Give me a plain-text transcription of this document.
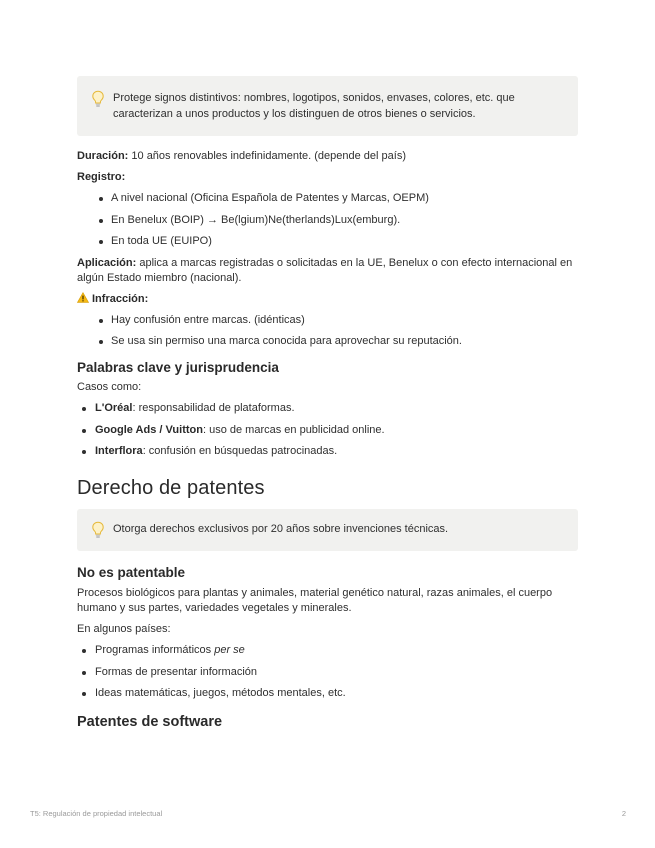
Protege signos distintivos: nombres, logotipos, sonidos, envases, colores, etc. que caracterizan a unos productos y los distinguen de otros bienes o servicios.

Duración: 10 años renovables indefinidamente. (depende del país)

Registro:

A nivel nacional (Oficina Española de Patentes y Marcas, OEPM)
En Benelux (BOIP) → Be(lgium)Ne(therlands)Lux(emburg).
En toda UE (EUIPO)

Aplicación: aplica a marcas registradas o solicitadas en la UE, Benelux o con efecto internacional en algún Estado miembro (nacional).

Infracción:

Hay confusión entre marcas. (idénticas)
Se usa sin permiso una marca conocida para aprovechar su reputación.
Palabras clave y jurisprudencia

Casos como:

L'Oréal: responsabilidad de plataformas.
Google Ads / Vuitton: uso de marcas en publicidad online.
Interflora: confusión en búsquedas patrocinadas.
Derecho de patentes
Otorga derechos exclusivos por 20 años sobre invenciones técnicas.
No es patentable

Procesos biológicos para plantas y animales, material genético natural, razas animales, el cuerpo humano y sus partes, variedades vegetales y minerales.

En algunos países:

Programas informáticos per se
Formas de presentar información
Ideas matemáticas, juegos, métodos mentales, etc.
Patentes de software
T5: Regulación de propiedad intelectual	2
